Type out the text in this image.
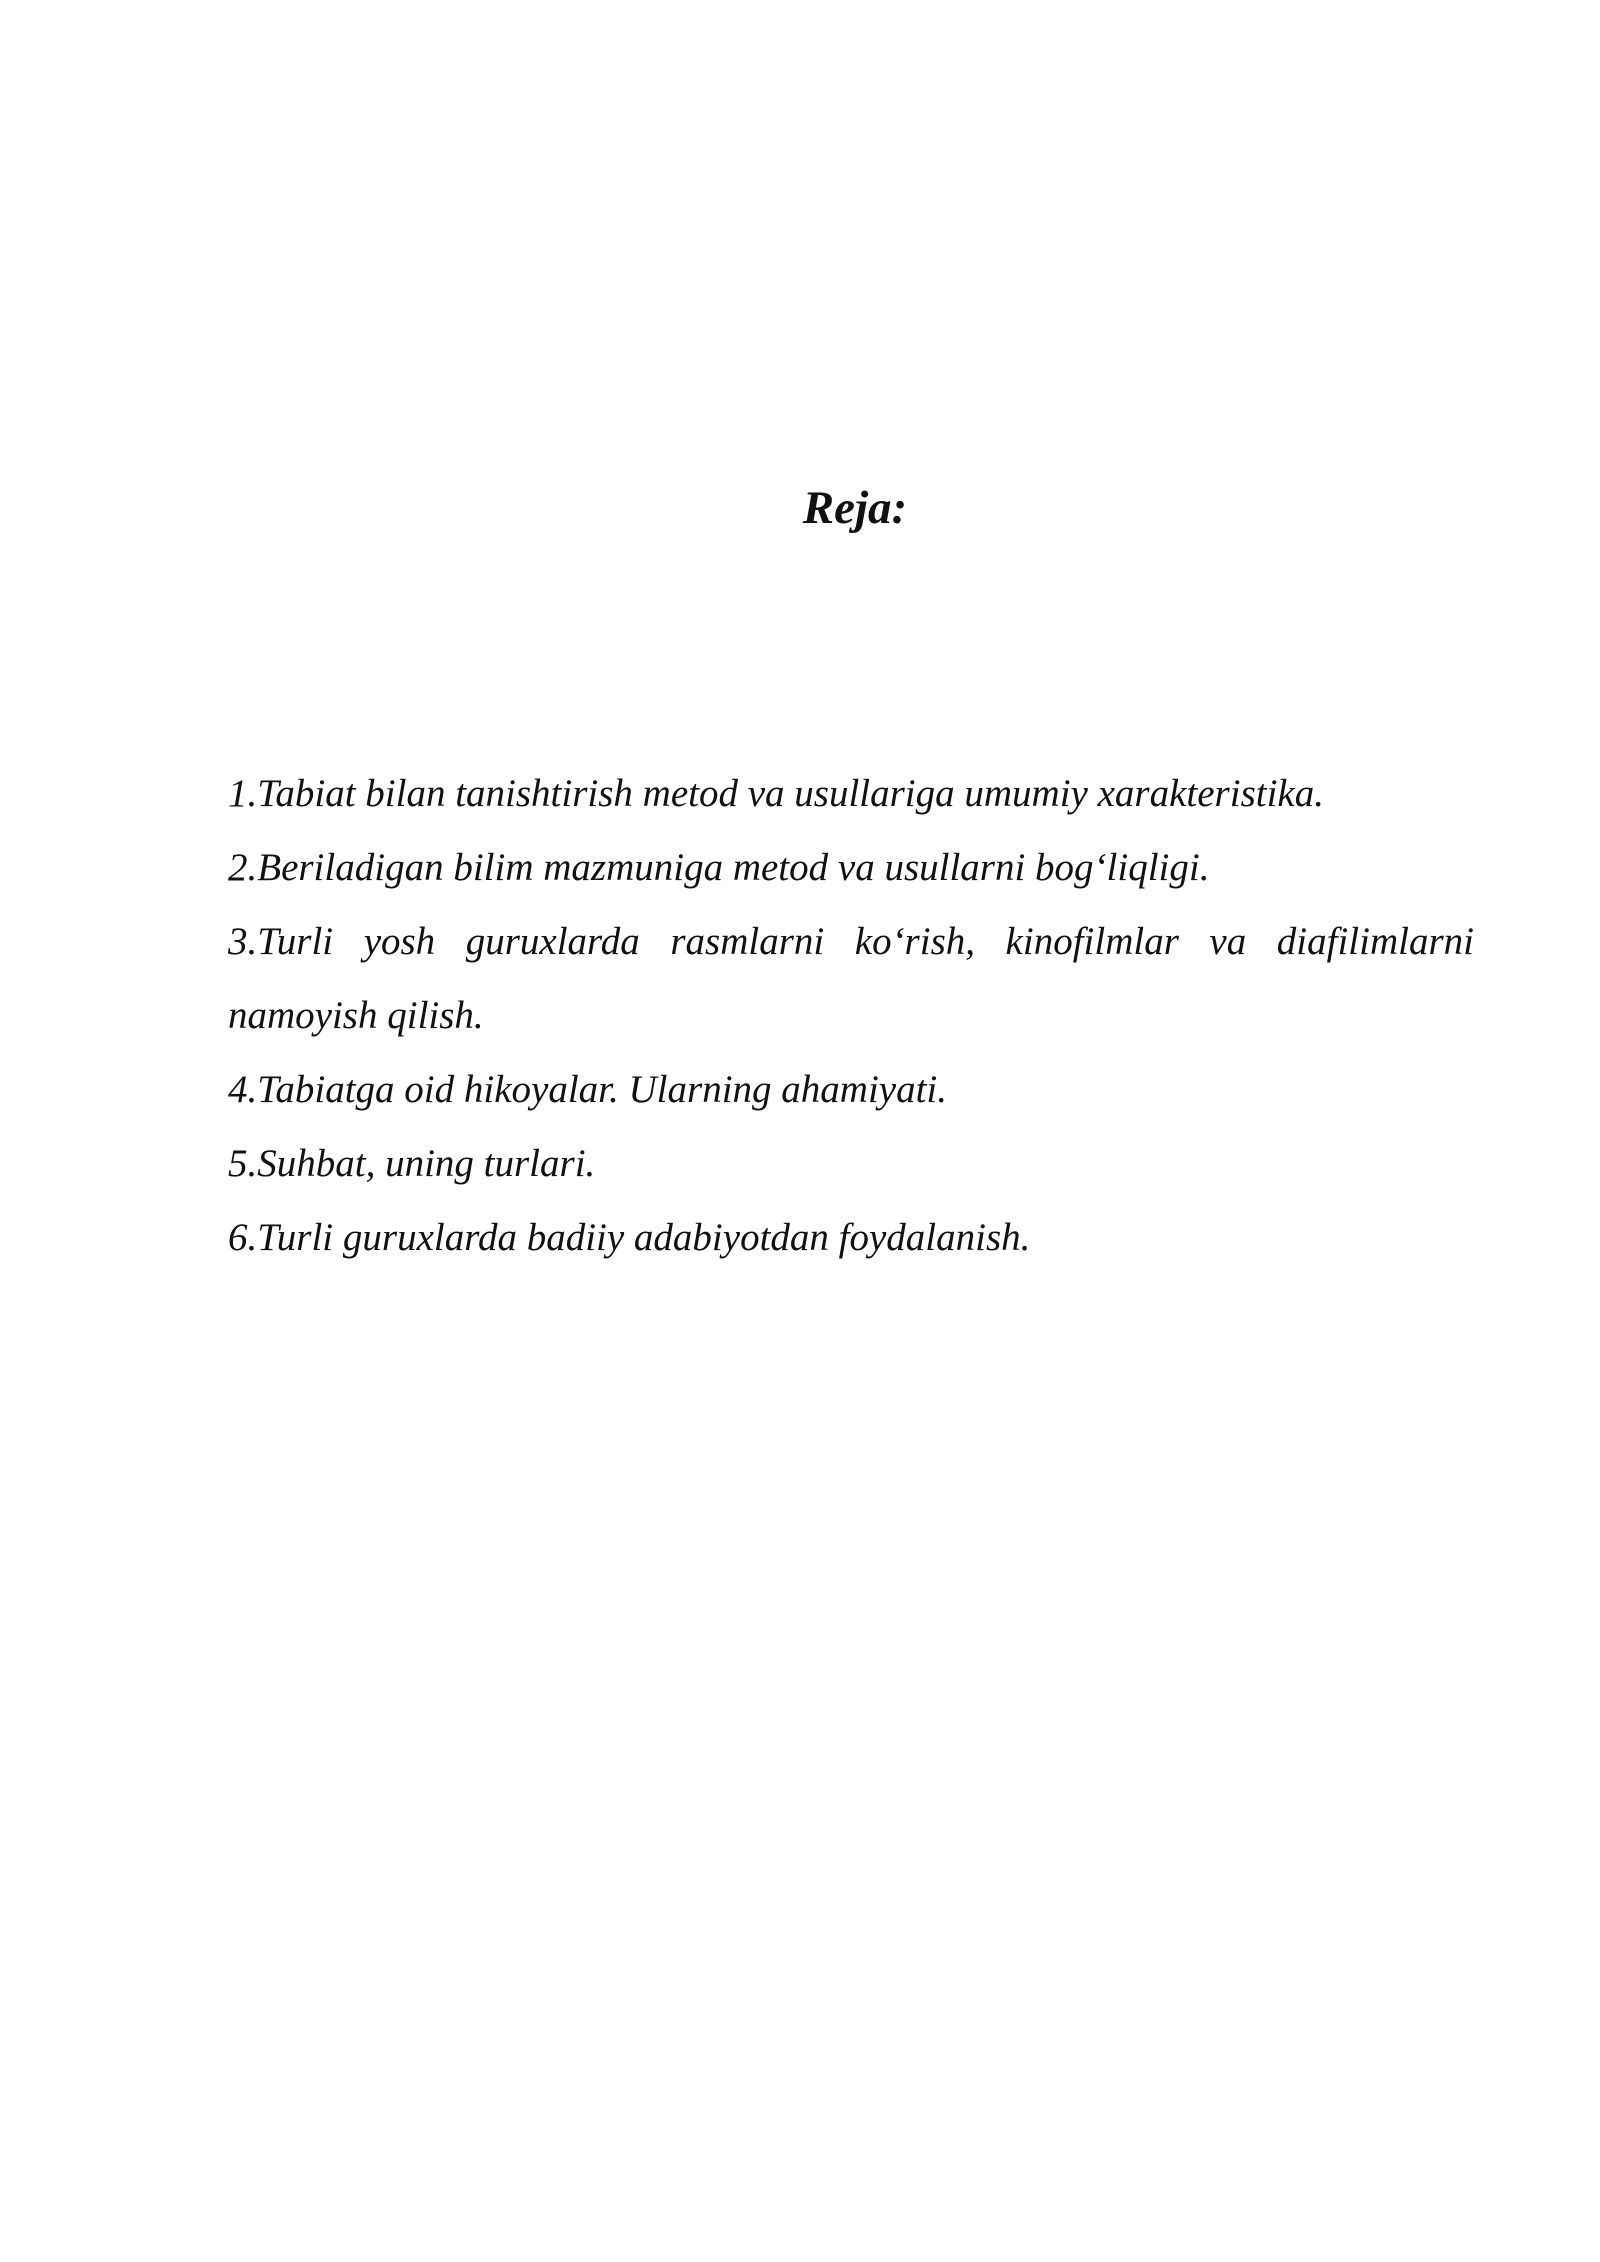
Reja:
1.Tabiat bilan tanishtirish metod va usullariga umumiy xarakteristika.
2.Beriladigan bilim mazmuniga metod va usullarni bog‘liqligi.
3.Turli yosh guruxlarda rasmlarni ko‘rish, kinofilmlar va diafilimlarni namoyish qilish.
4.Tabiatga oid hikoyalar. Ularning ahamiyati.
5.Suhbat, uning turlari.
6.Turli guruxlarda badiiy adabiyotdan foydalanish.
